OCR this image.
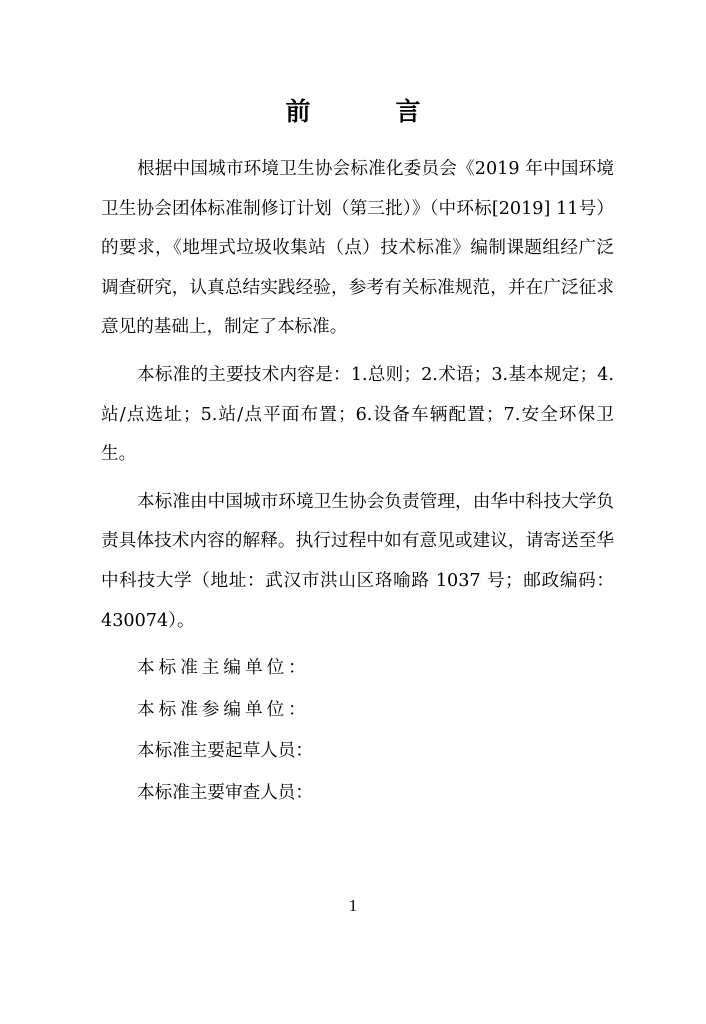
前　言

根据中国城市环境卫生协会标准化委员会《2019 年中国环境卫生协会团体标准制修订计划（第三批）》（中环标[2019] 11号）的要求，《地埋式垃圾收集站（点）技术标准》编制课题组经广泛调查研究，认真总结实践经验，参考有关标准规范，并在广泛征求意见的基础上，制定了本标准。

本标准的主要技术内容是：1.总则；2.术语；3.基本规定；4.站/点选址；5.站/点平面布置；6.设备车辆配置；7.安全环保卫生。

本标准由中国城市环境卫生协会负责管理，由华中科技大学负责具体技术内容的解释。执行过程中如有意见或建议，请寄送至华中科技大学（地址：武汉市洪山区珞喻路 1037 号；邮政编码：430074）。

本标准主编单位：

本标准参编单位：

本标准主要起草人员：

本标准主要审查人员：

1
